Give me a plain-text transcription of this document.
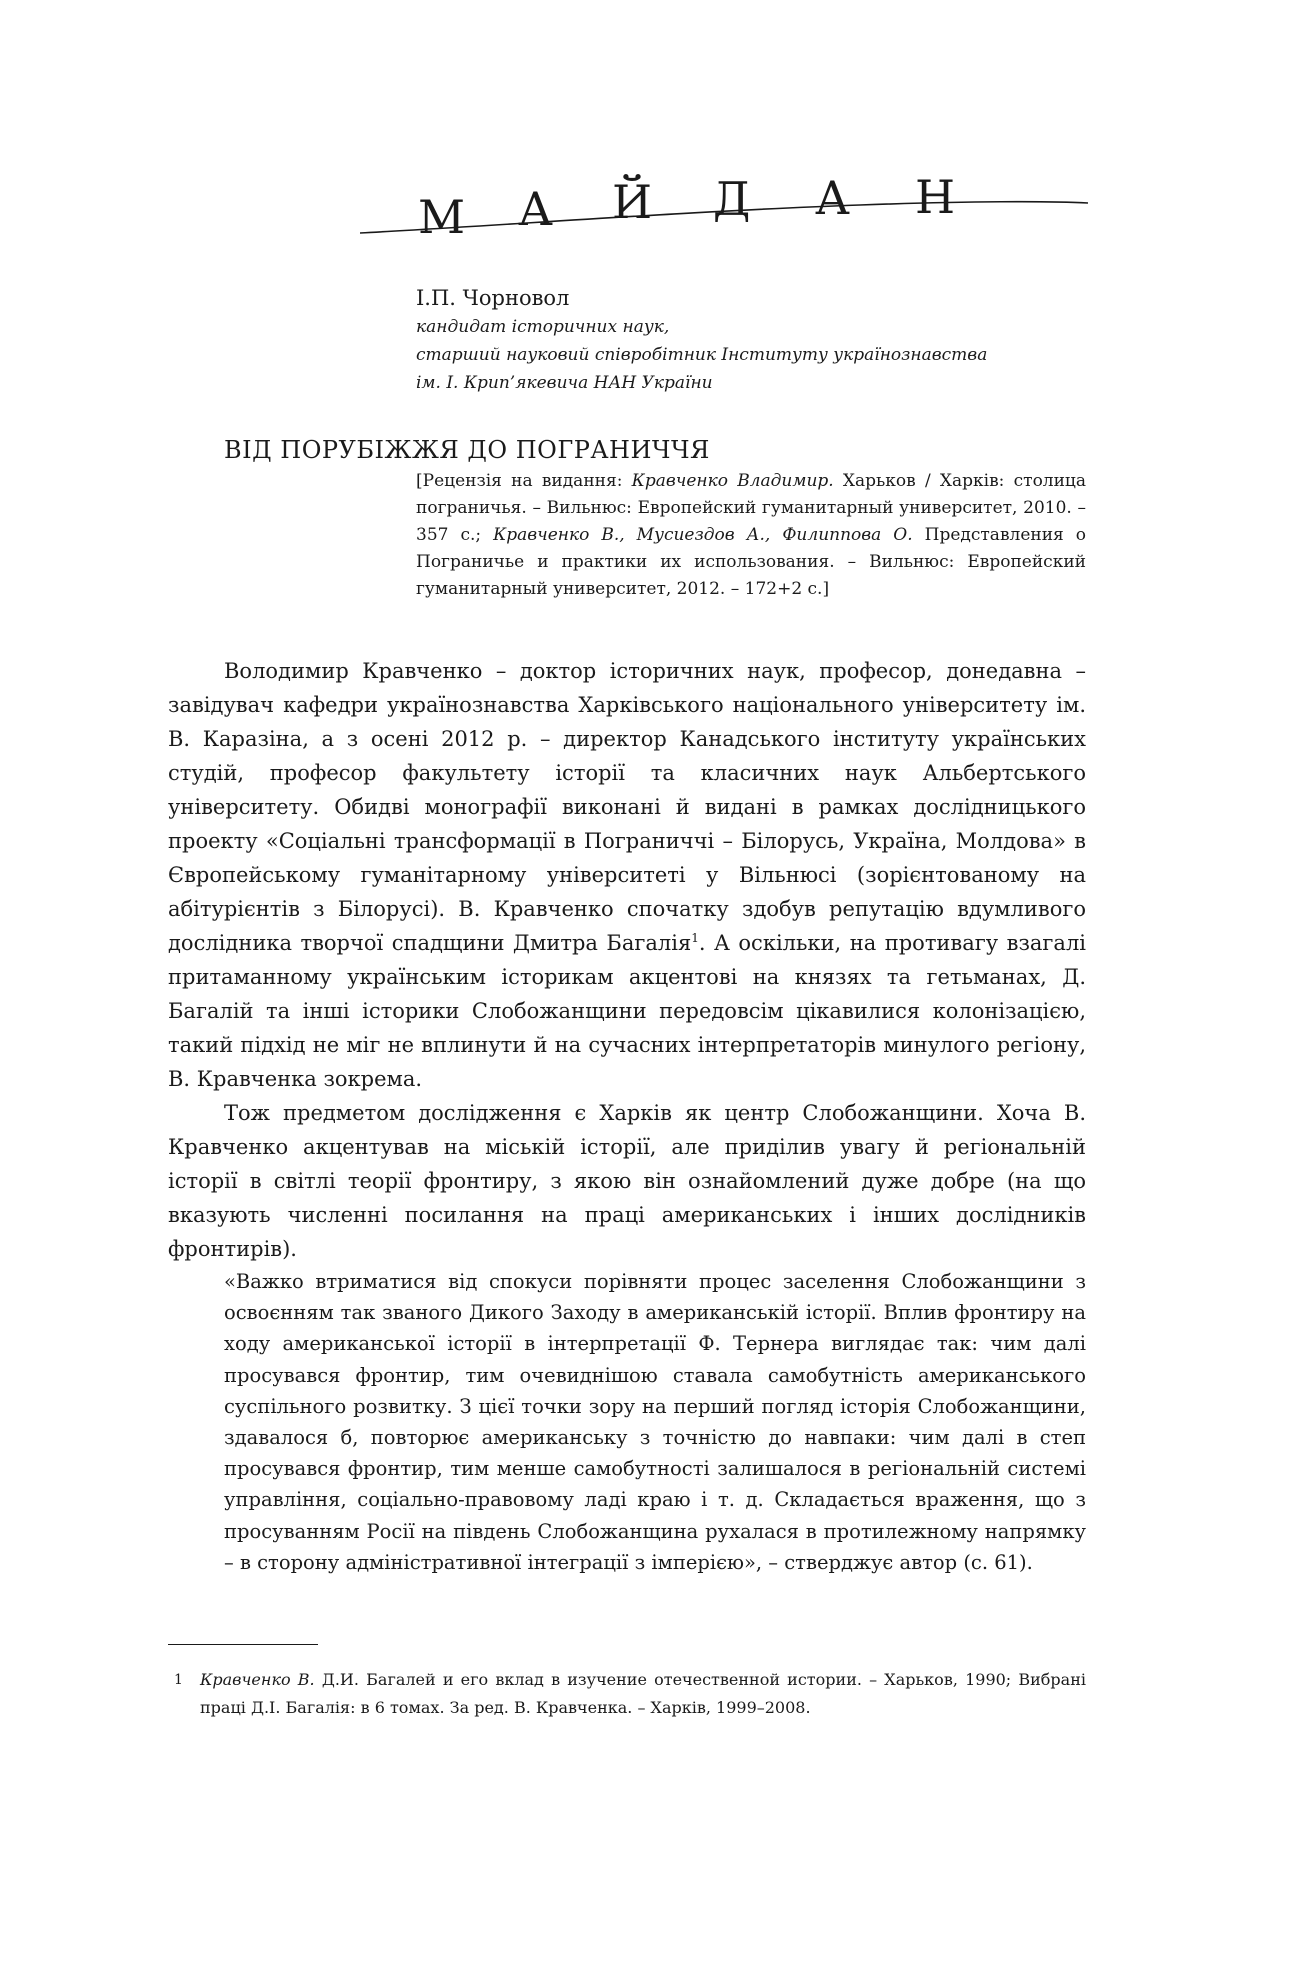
М А Й Д А Н
І.П. Чорновол
кандидат історичних наук,
старший науковий співробітник Інституту українознавства
ім. І. Крип’якевича НАН України
ВІД ПОРУБІЖЖЯ ДО ПОГРАНИЧЧЯ
[Рецензія на видання: Кравченко Владимир. Харьков / Харків: столица пограничья. – Вильнюс: Европейский гуманитарный университет, 2010. – 357 с.; Кравченко В., Мусиездов А., Филиппова О. Представления о Пограничье и практики их использования. – Вильнюс: Европейский гуманитарный университет, 2012. – 172+2 с.]

Володимир Кравченко – доктор історичних наук, професор, донедавна – завідувач кафедри українознавства Харківського національного університету ім. В. Каразіна, а з осені 2012 р. – директор Канадського інституту українських студій, професор факультету історії та класичних наук Альбертського університету. Обидві монографії виконані й видані в рамках дослідницького проекту «Соціальні трансформації в Пограниччі – Білорусь, Україна, Молдова» в Європейському гуманітарному університеті у Вільнюсі (зорієнтованому на абітурієнтів з Білорусі). В. Кравченко спочатку здобув репутацію вдумливого дослідника творчої спадщини Дмитра Багалія$^1$. А оскільки, на противагу взагалі притаманному українським історикам акцентові на князях та гетьманах, Д. Багалій та інші історики Слобожанщини передовсім цікавилися колонізацією, такий підхід не міг не вплинути й на сучасних інтерпретаторів минулого регіону, В. Кравченка зокрема.

Тож предметом дослідження є Харків як центр Слобожанщини. Хоча В. Кравченко акцентував на міській історії, але приділив увагу й регіональній історії в світлі теорії фронтиру, з якою він ознайомлений дуже добре (на що вказують численні посилання на праці американських і інших дослідників фронтирів).

«Важко втриматися від спокуси порівняти процес заселення Слобожанщини з освоєнням так званого Дикого Заходу в американській історії. Вплив фронтиру на ходу американської історії в інтерпретації Ф. Тернера виглядає так: чим далі просувався фронтир, тим очевиднішою ставала самобутність американського суспільного розвитку. З цієї точки зору на перший погляд історія Слобожанщини, здавалося б, повторює американську з точністю до навпаки: чим далі в степ просувався фронтир, тим менше самобутності залишалося в регіональній системі управління, соціально-правовому ладі краю і т. д. Складається враження, що з просуванням Росії на південь Слобожанщина рухалася в протилежному напрямку – в сторону адміністративної інтеграції з імперією», – стверджує автор (с. 61).

1 Кравченко В. Д.И. Багалей и его вклад в изучение отечественной истории. – Харьков, 1990; Вибрані праці Д.І. Багалія: в 6 томах. За ред. В. Кравченка. – Харків, 1999–2008.
